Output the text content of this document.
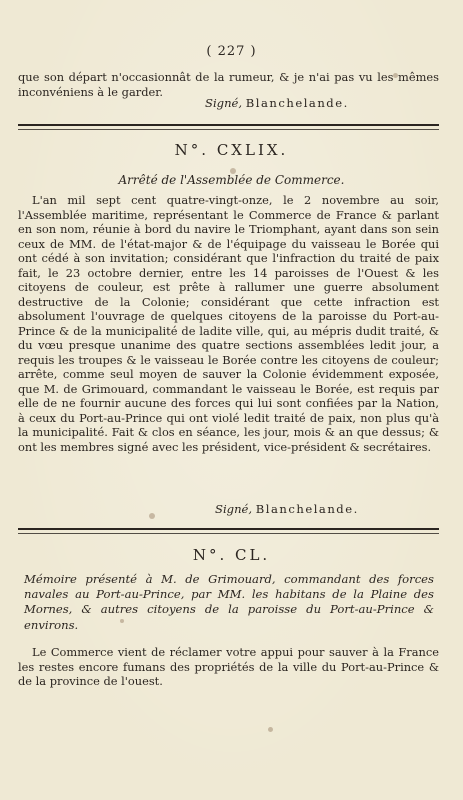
( 227 )
que son départ n'occasionnât de la rumeur, & je n'ai pas vu les mêmes inconvéniens à le garder.
Signé, Blanchelande.
N°. CXLIX.
Arrêté de l'Assemblée de Commerce.
L'an mil sept cent quatre-vingt-onze, le 2 novembre au soir, l'Assemblée maritime, représentant le Commerce de France & parlant en son nom, réunie à bord du navire le Triomphant, ayant dans son sein ceux de MM. de l'état-major & de l'équipage du vaisseau le Borée qui ont cédé à son invitation; considérant que l'infraction du traité de paix fait, le 23 octobre dernier, entre les 14 paroisses de l'Ouest & les citoyens de couleur, est prête à rallumer une guerre absolument destructive de la Colonie; considérant que cette infraction est absolument l'ouvrage de quelques citoyens de la paroisse du Port-au-Prince & de la municipalité de ladite ville, qui, au mépris dudit traité, & du vœu presque unanime des quatre sections assemblées ledit jour, a requis les troupes & le vaisseau le Borée contre les citoyens de couleur; arrête, comme seul moyen de sauver la Colonie évidemment exposée, que M. de Grimouard, commandant le vaisseau le Borée, est requis par elle de ne fournir aucune des forces qui lui sont confiées par la Nation, à ceux du Port-au-Prince qui ont violé ledit traité de paix, non plus qu'à la municipalité. Fait & clos en séance, les jour, mois & an que dessus; & ont les membres signé avec les président, vice-président & secrétaires.
Signé, Blanchelande.
N°. CL.
Mémoire présenté à M. de Grimouard, commandant des forces navales au Port-au-Prince, par MM. les habitans de la Plaine des Mornes, & autres citoyens de la paroisse du Port-au-Prince & environs.
Le Commerce vient de réclamer votre appui pour sauver à la France les restes encore fumans des propriétés de la ville du Port-au-Prince & de la province de l'ouest.
